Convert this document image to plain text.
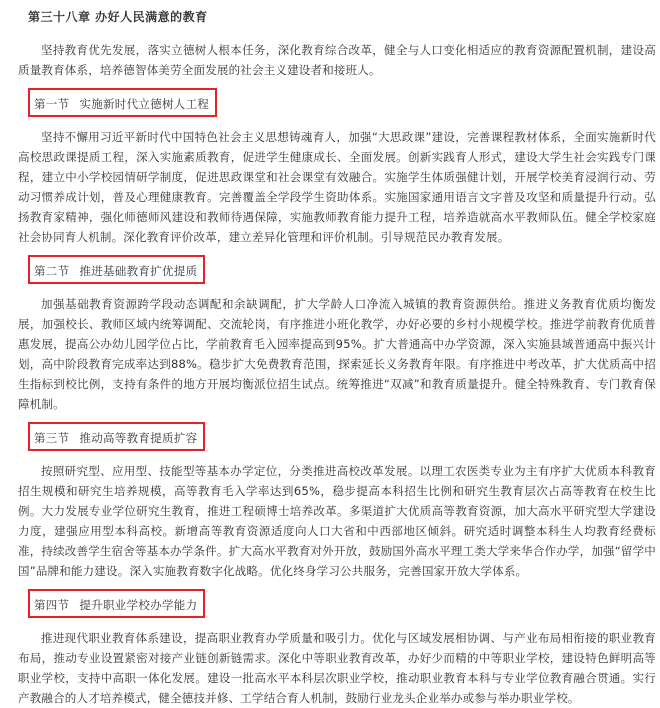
第三十八章 办好人民满意的教育

坚持教育优先发展，落实立德树人根本任务，深化教育综合改革，健全与人口变化相适应的教育资源配置机制，建设高质量教育体系，培养德智体美劳全面发展的社会主义建设者和接班人。

第一节 实施新时代立德树人工程

坚持不懈用习近平新时代中国特色社会主义思想铸魂育人，加强“大思政课”建设，完善课程教材体系，全面实施新时代高校思政课提质工程，深入实施素质教育，促进学生健康成长、全面发展。创新实践育人形式，建设大学生社会实践专门课程，建立中小学校园情研学制度，促进思政课堂和社会课堂有效融合。实施学生体质强健计划，开展学校美育浸润行动、劳动习惯养成计划，普及心理健康教育。完善覆盖全学段学生资助体系。实施国家通用语言文字普及攻坚和质量提升行动。弘扬教育家精神，强化师德师风建设和教师待遇保障，实施教师教育能力提升工程，培养造就高水平教师队伍。健全学校家庭社会协同育人机制。深化教育评价改革，建立差异化管理和评价机制。引导规范民办教育发展。

第二节 推进基础教育扩优提质

加强基础教育资源跨学段动态调配和余缺调配，扩大学龄人口净流入城镇的教育资源供给。推进义务教育优质均衡发展，加强校长、教师区域内统筹调配、交流轮岗，有序推进小班化教学，办好必要的乡村小规模学校。推进学前教育优质普惠发展，提高公办幼儿园学位占比，学前教育毛入园率提高到95%。扩大普通高中办学资源，深入实施县域普通高中振兴计划，高中阶段教育完成率达到88%。稳步扩大免费教育范围，探索延长义务教育年限。有序推进中考改革，扩大优质高中招生指标到校比例，支持有条件的地方开展均衡派位招生试点。统筹推进“双减”和教育质量提升。健全特殊教育、专门教育保障机制。

第三节 推动高等教育提质扩容

按照研究型、应用型、技能型等基本办学定位，分类推进高校改革发展。以理工农医类专业为主有序扩大优质本科教育招生规模和研究生培养规模，高等教育毛入学率达到65%，稳步提高本科招生比例和研究生教育层次占高等教育在校生比例。大力发展专业学位研究生教育，推进工程硕博士培养改革。多渠道扩大优质高等教育资源，加大高水平研究型大学建设力度，建强应用型本科高校。新增高等教育资源适度向人口大省和中西部地区倾斜。研究适时调整本科生人均教育经费标准，持续改善学生宿舍等基本办学条件。扩大高水平教育对外开放，鼓励国外高水平理工类大学来华合作办学，加强“留学中国”品牌和能力建设。深入实施教育数字化战略。优化终身学习公共服务，完善国家开放大学体系。

第四节 提升职业学校办学能力

推进现代职业教育体系建设，提高职业教育办学质量和吸引力。优化与区域发展相协调、与产业布局相衔接的职业教育布局，推动专业设置紧密对接产业链创新链需求。深化中等职业教育改革，办好少而精的中等职业学校，建设特色鲜明高等职业学校，支持中高职一体化发展。建设一批高水平本科层次职业学校，推动职业教育本科与专业学位教育融合贯通。实行产教融合的人才培养模式，健全德技并修、工学结合育人机制，鼓励行业龙头企业举办或参与举办职业学校。
